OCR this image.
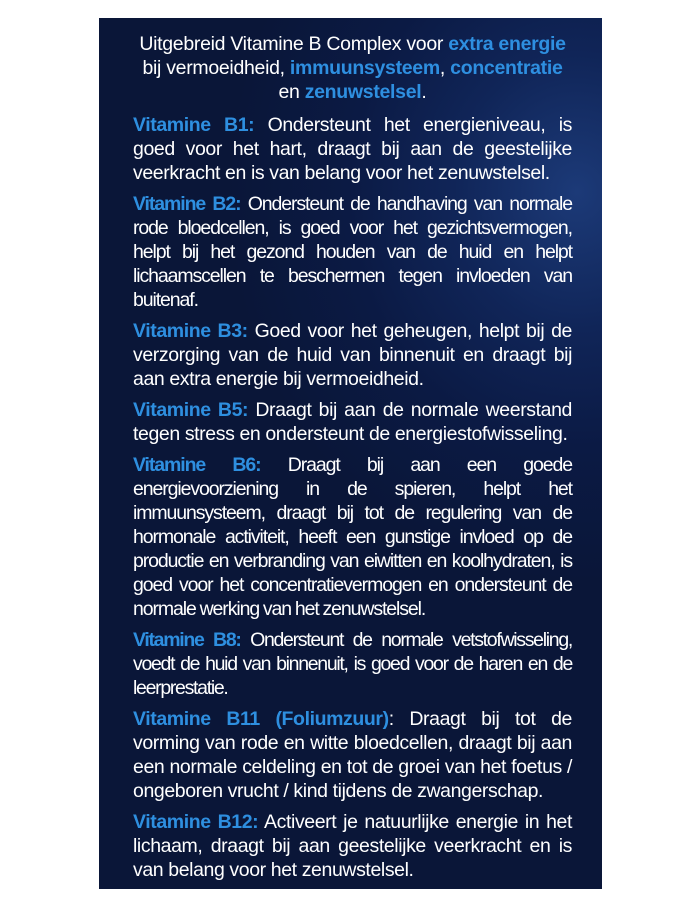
Uitgebreid Vitamine B Complex voor extra energie
bij vermoeidheid, immuunsysteem, concentratie
en zenuwstelsel.

Vitamine B1: Ondersteunt het energieniveau, is goed voor het hart, draagt bij aan de geestelijke veerkracht en is van belang voor het zenuwstelsel.

Vitamine B2: Ondersteunt de handhaving van normale rode bloedcellen, is goed voor het gezichtsvermogen, helpt bij het gezond houden van de huid en helpt lichaamscellen te beschermen tegen invloeden van buitenaf.

Vitamine B3: Goed voor het geheugen, helpt bij de verzorging van de huid van binnenuit en draagt bij aan extra energie bij vermoeidheid.

Vitamine B5: Draagt bij aan de normale weerstand tegen stress en ondersteunt de energiestofwisseling.

Vitamine B6: Draagt bij aan een goede energievoorziening in de spieren, helpt het immuunsysteem, draagt bij tot de regulering van de hormonale activiteit, heeft een gunstige invloed op de productie en verbranding van eiwitten en koolhydraten, is goed voor het concentratievermogen en ondersteunt de normale werking van het zenuwstelsel.

Vitamine B8: Ondersteunt de normale vetstofwisseling, voedt de huid van binnenuit, is goed voor de haren en de leerprestatie.

Vitamine B11 (Foliumzuur): Draagt bij tot de vorming van rode en witte bloedcellen, draagt bij aan een normale celdeling en tot de groei van het foetus / ongeboren vrucht / kind tijdens de zwangerschap.

Vitamine B12: Activeert je natuurlijke energie in het lichaam, draagt bij aan geestelijke veerkracht en is van belang voor het zenuwstelsel.
